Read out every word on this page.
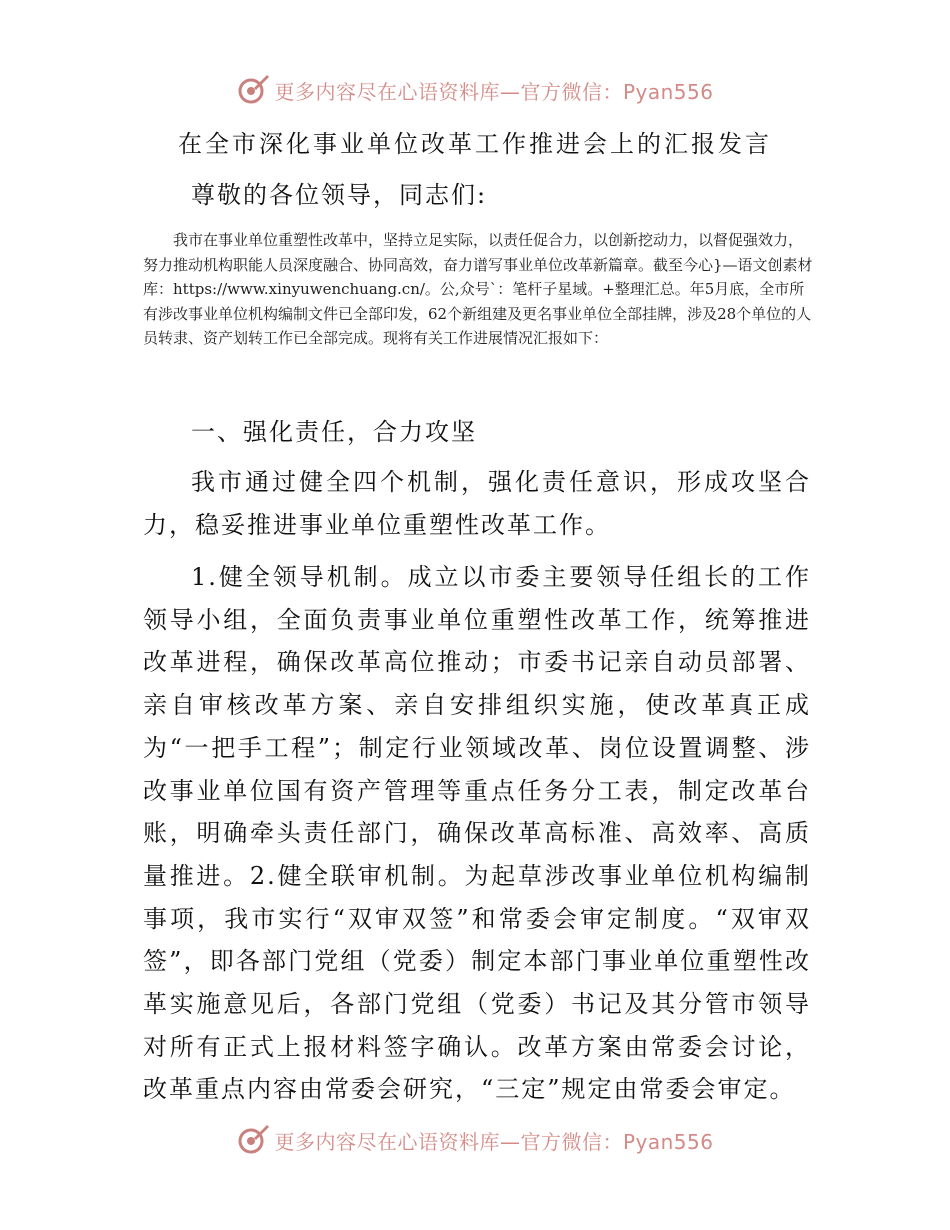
更多内容尽在心语资料库—官方微信：Pyan556
在全市深化事业单位改革工作推进会上的汇报发言
尊敬的各位领导，同志们:
我市在事业单位重塑性改革中，坚持立足实际，以责任促合力，以创新挖动力，以督促强效力，努力推动机构职能人员深度融合、协同高效，奋力谱写事业单位改革新篇章。截至今心}—语文创素材库：https://www.xinyuwenchuang.cn/。公,众号`：笔杆子星域。+整理汇总。年5月底，全市所有涉改事业单位机构编制文件已全部印发，62个新组建及更名事业单位全部挂牌，涉及28个单位的人员转隶、资产划转工作已全部完成。现将有关工作进展情况汇报如下：
一、强化责任，合力攻坚
我市通过健全四个机制，强化责任意识，形成攻坚合力，稳妥推进事业单位重塑性改革工作。
1.健全领导机制。成立以市委主要领导任组长的工作领导小组，全面负责事业单位重塑性改革工作，统筹推进改革进程，确保改革高位推动；市委书记亲自动员部署、亲自审核改革方案、亲自安排组织实施，使改革真正成为“一把手工程”；制定行业领域改革、岗位设置调整、涉改事业单位国有资产管理等重点任务分工表，制定改革台账，明确牵头责任部门，确保改革高标准、高效率、高质量推进。2.健全联审机制。为起草涉改事业单位机构编制事项，我市实行“双审双签”和常委会审定制度。“双审双签”，即各部门党组（党委）制定本部门事业单位重塑性改革实施意见后，各部门党组（党委）书记及其分管市领导对所有正式上报材料签字确认。改革方案由常委会讨论，改革重点内容由常委会研究，“三定”规定由常委会审定。
更多内容尽在心语资料库—官方微信：Pyan556
